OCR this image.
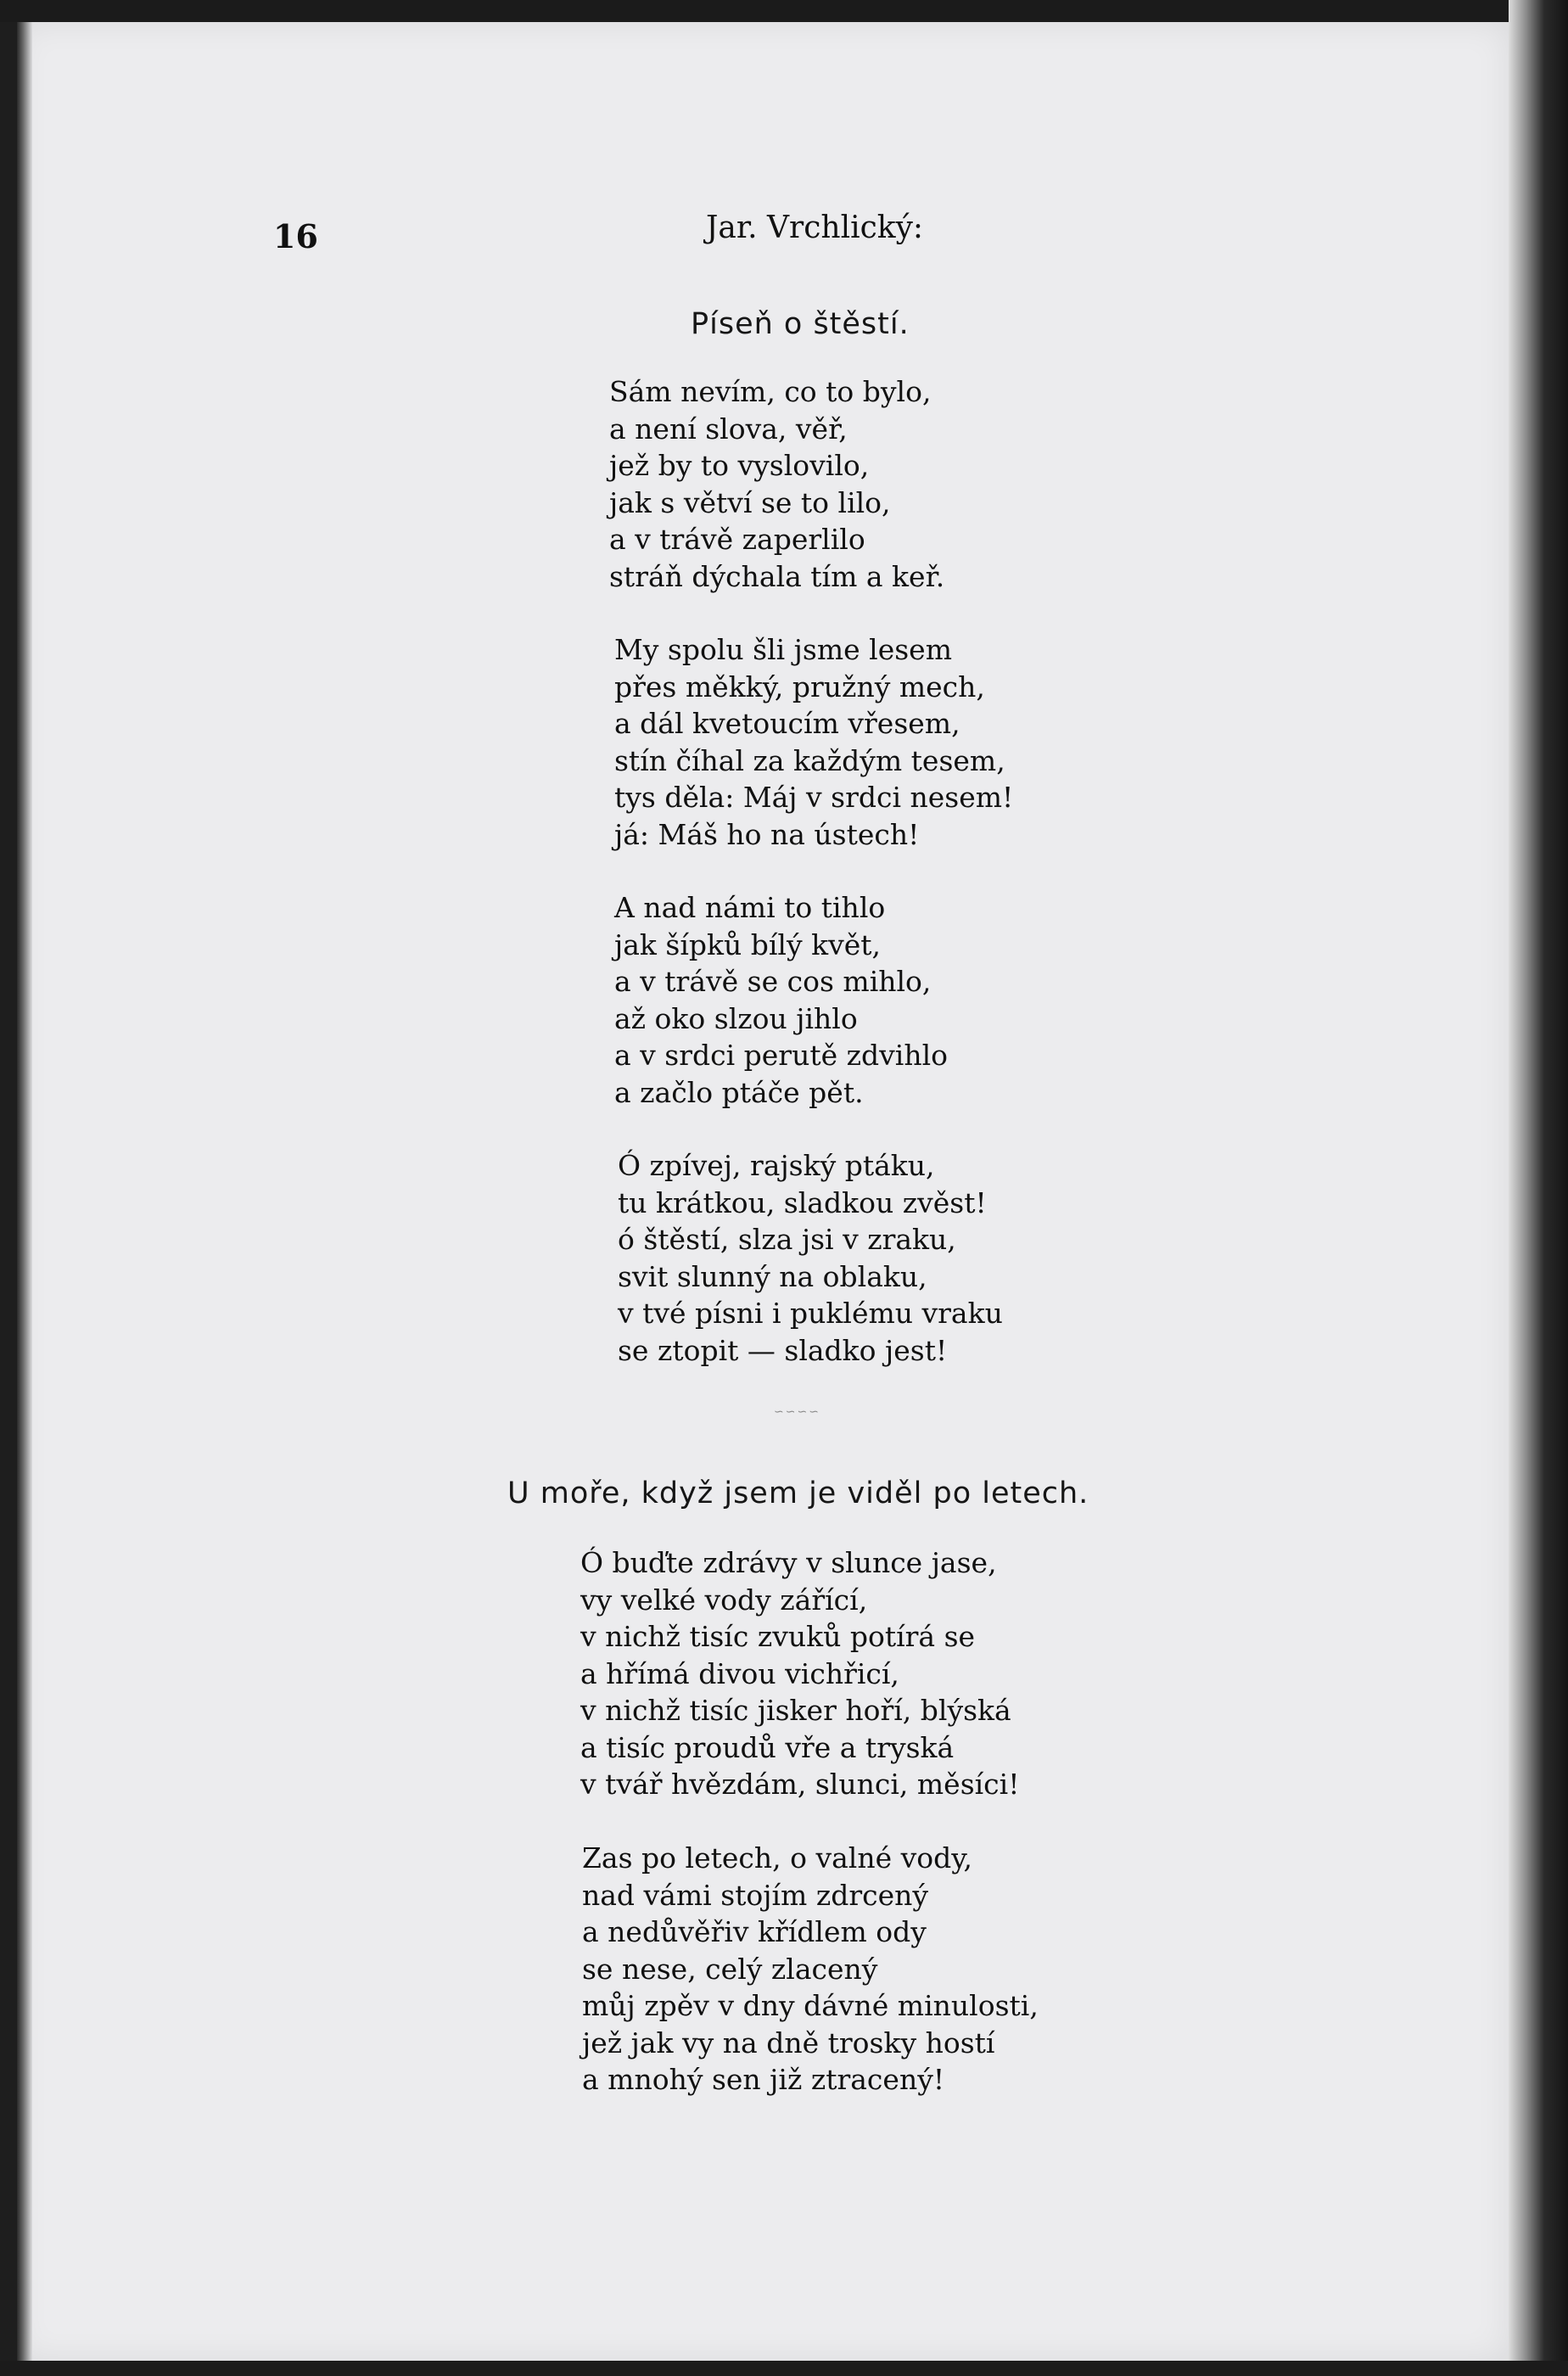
16	Jar. Vrchlický:
Píseň o štěstí.
Sám nevím, co to bylo,
a není slova, věř,
jež by to vyslovilo,
jak s větví se to lilo,
a v trávě zaperlilo
stráň dýchala tím a keř.
My spolu šli jsme lesem
přes měkký, pružný mech,
a dál kvetoucím vřesem,
stín číhal za každým tesem,
tys děla: Máj v srdci nesem!
já: Máš ho na ústech!
A nad námi to tihlo
jak šípků bílý květ,
a v trávě se cos mihlo,
až oko slzou jihlo
a v srdci perutě zdvihlo
a začlo ptáče pět.
Ó zpívej, rajský ptáku,
tu krátkou, sladkou zvěst!
ó štěstí, slza jsi v zraku,
svit slunný na oblaku,
v tvé písni i puklému vraku
se ztopit — sladko jest!
∽∽∽∽
U moře, když jsem je viděl po letech.
Ó buďte zdrávy v slunce jase,
vy velké vody zářící,
v nichž tisíc zvuků potírá se
a hřímá divou vichřicí,
v nichž tisíc jisker hoří, blýská
a tisíc proudů vře a tryská
v tvář hvězdám, slunci, měsíci!
Zas po letech, o valné vody,
nad vámi stojím zdrcený
a nedůvěřiv křídlem ody
se nese, celý zlacený
můj zpěv v dny dávné minulosti,
jež jak vy na dně trosky hostí
a mnohý sen již ztracený!
